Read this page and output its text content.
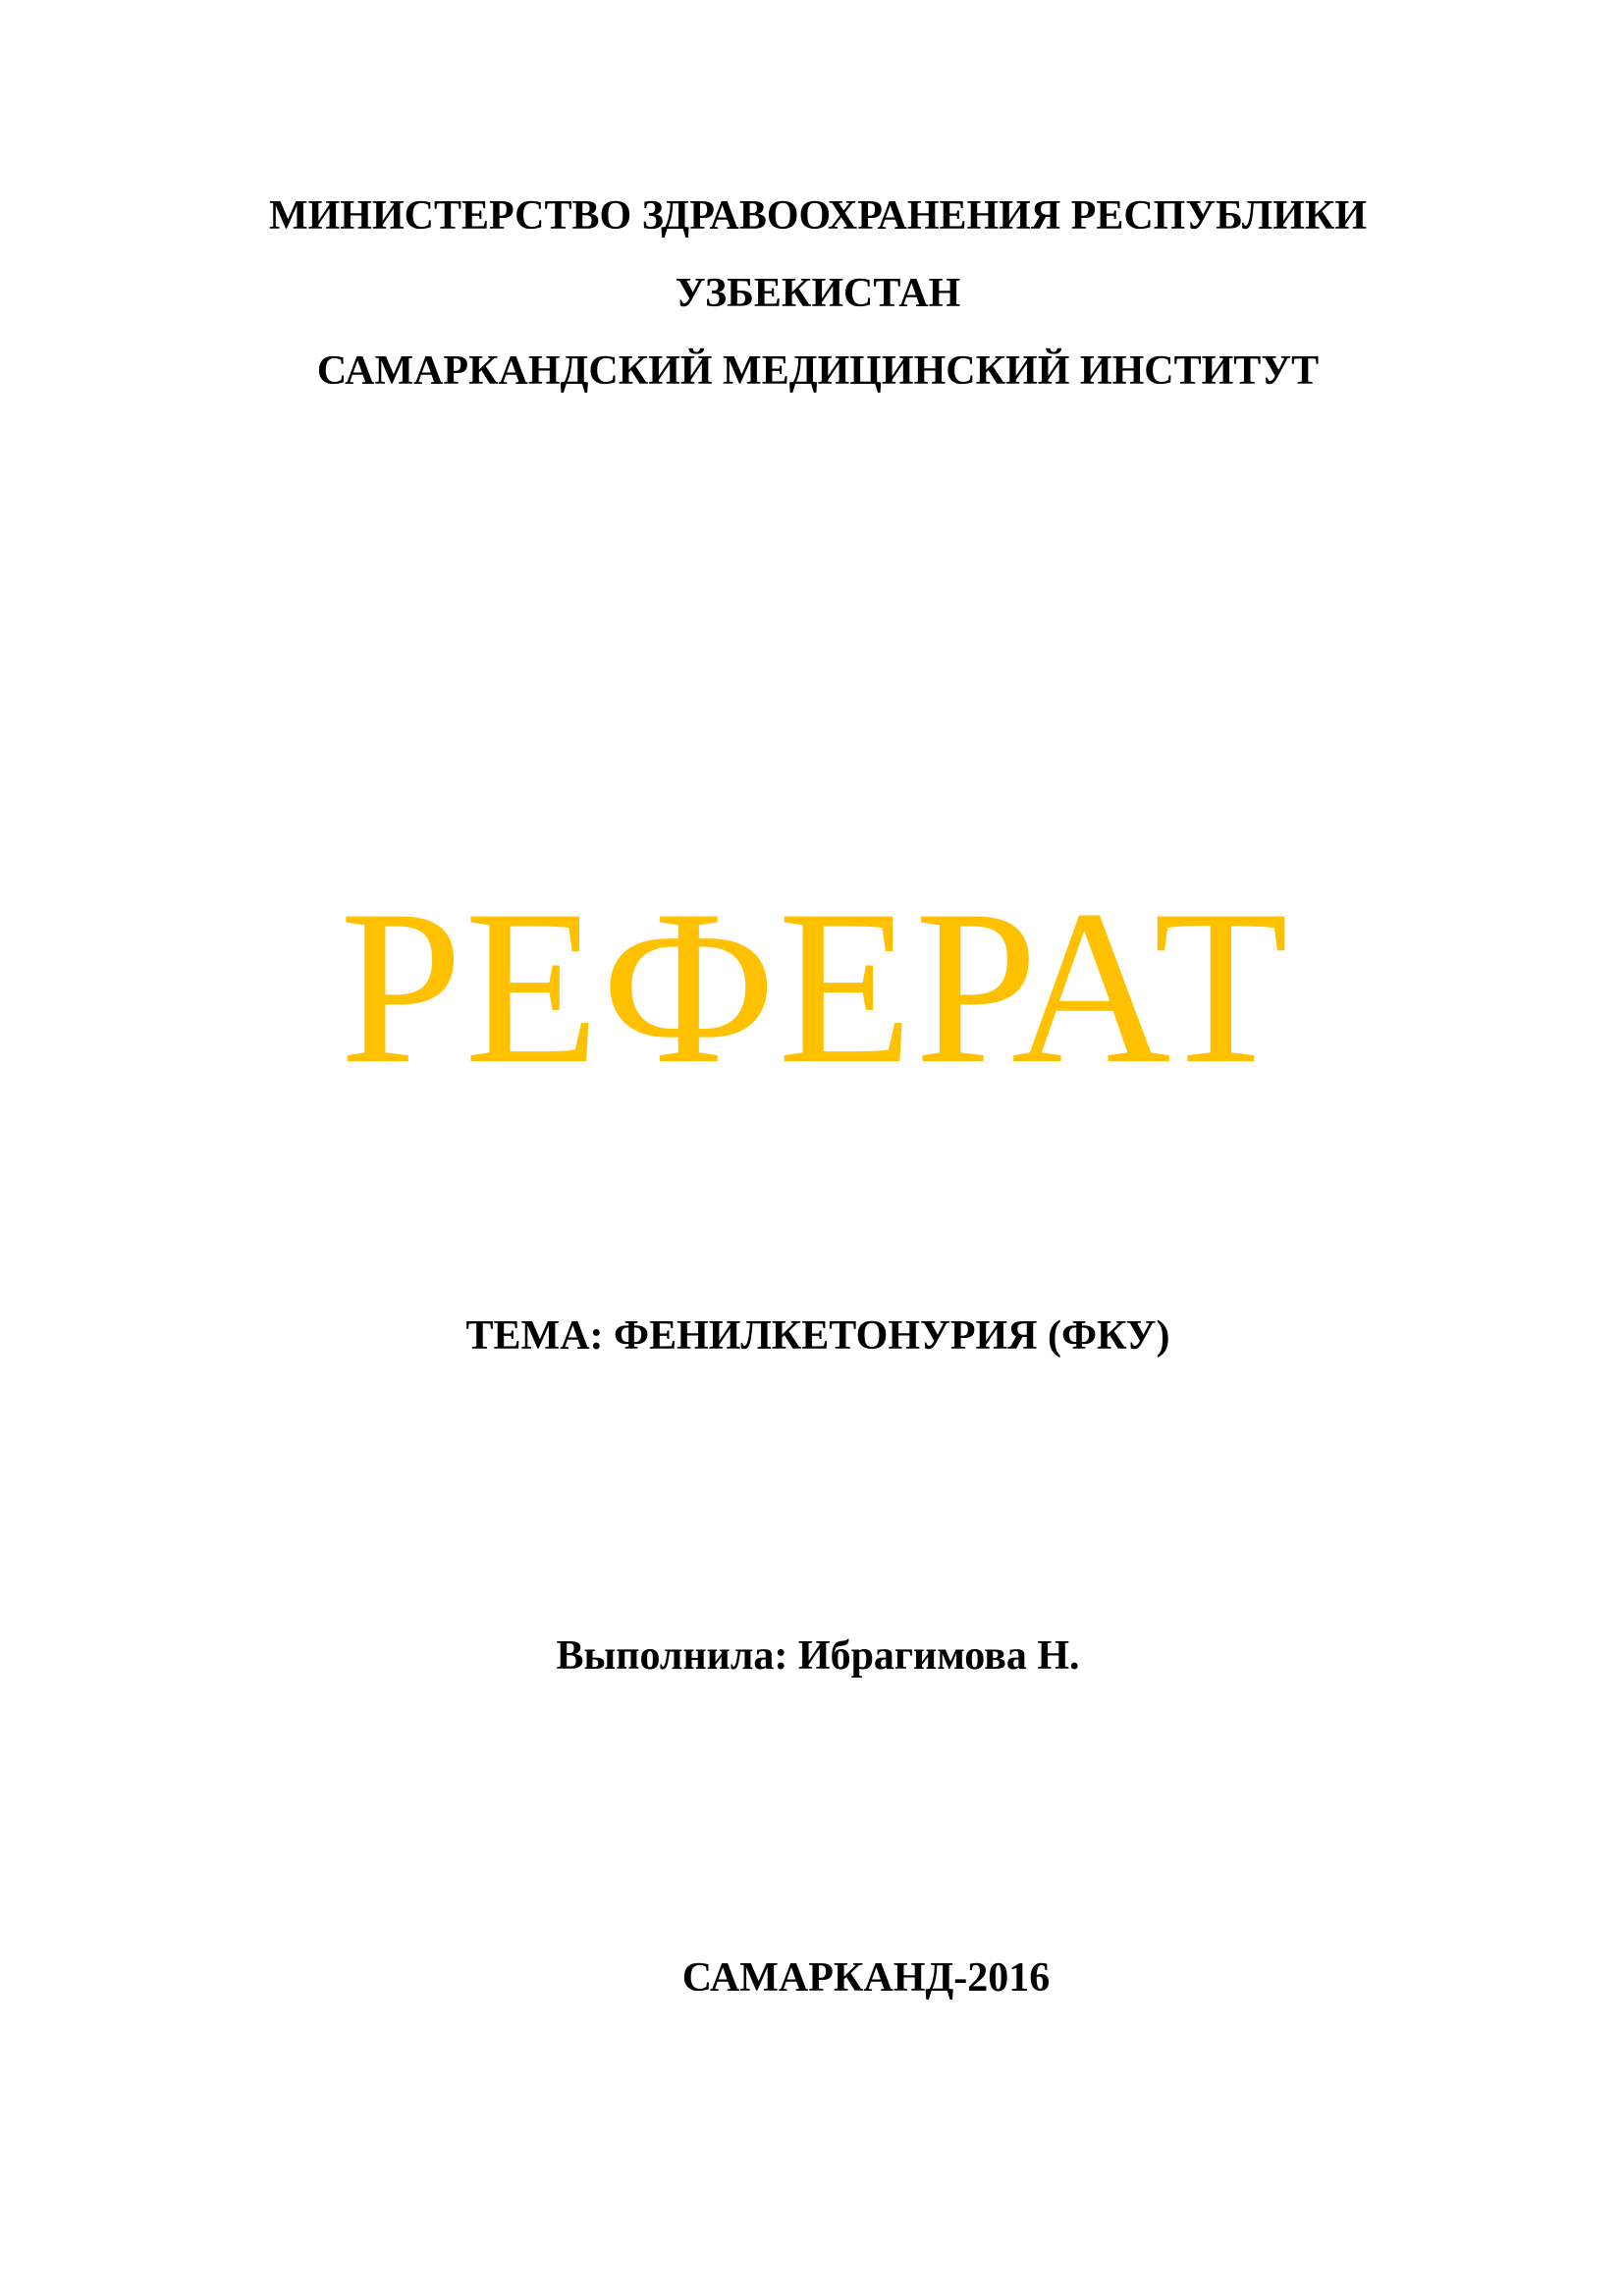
МИНИСТЕРСТВО ЗДРАВООХРАНЕНИЯ РЕСПУБЛИКИ
УЗБЕКИСТАН
САМАРКАНДСКИЙ МЕДИЦИНСКИЙ ИНСТИТУТ
РЕФЕРАТ
ТЕМА: ФЕНИЛКЕТОНУРИЯ (ФКУ)
Выполнила: Ибрагимова Н.
САМАРКАНД-2016
